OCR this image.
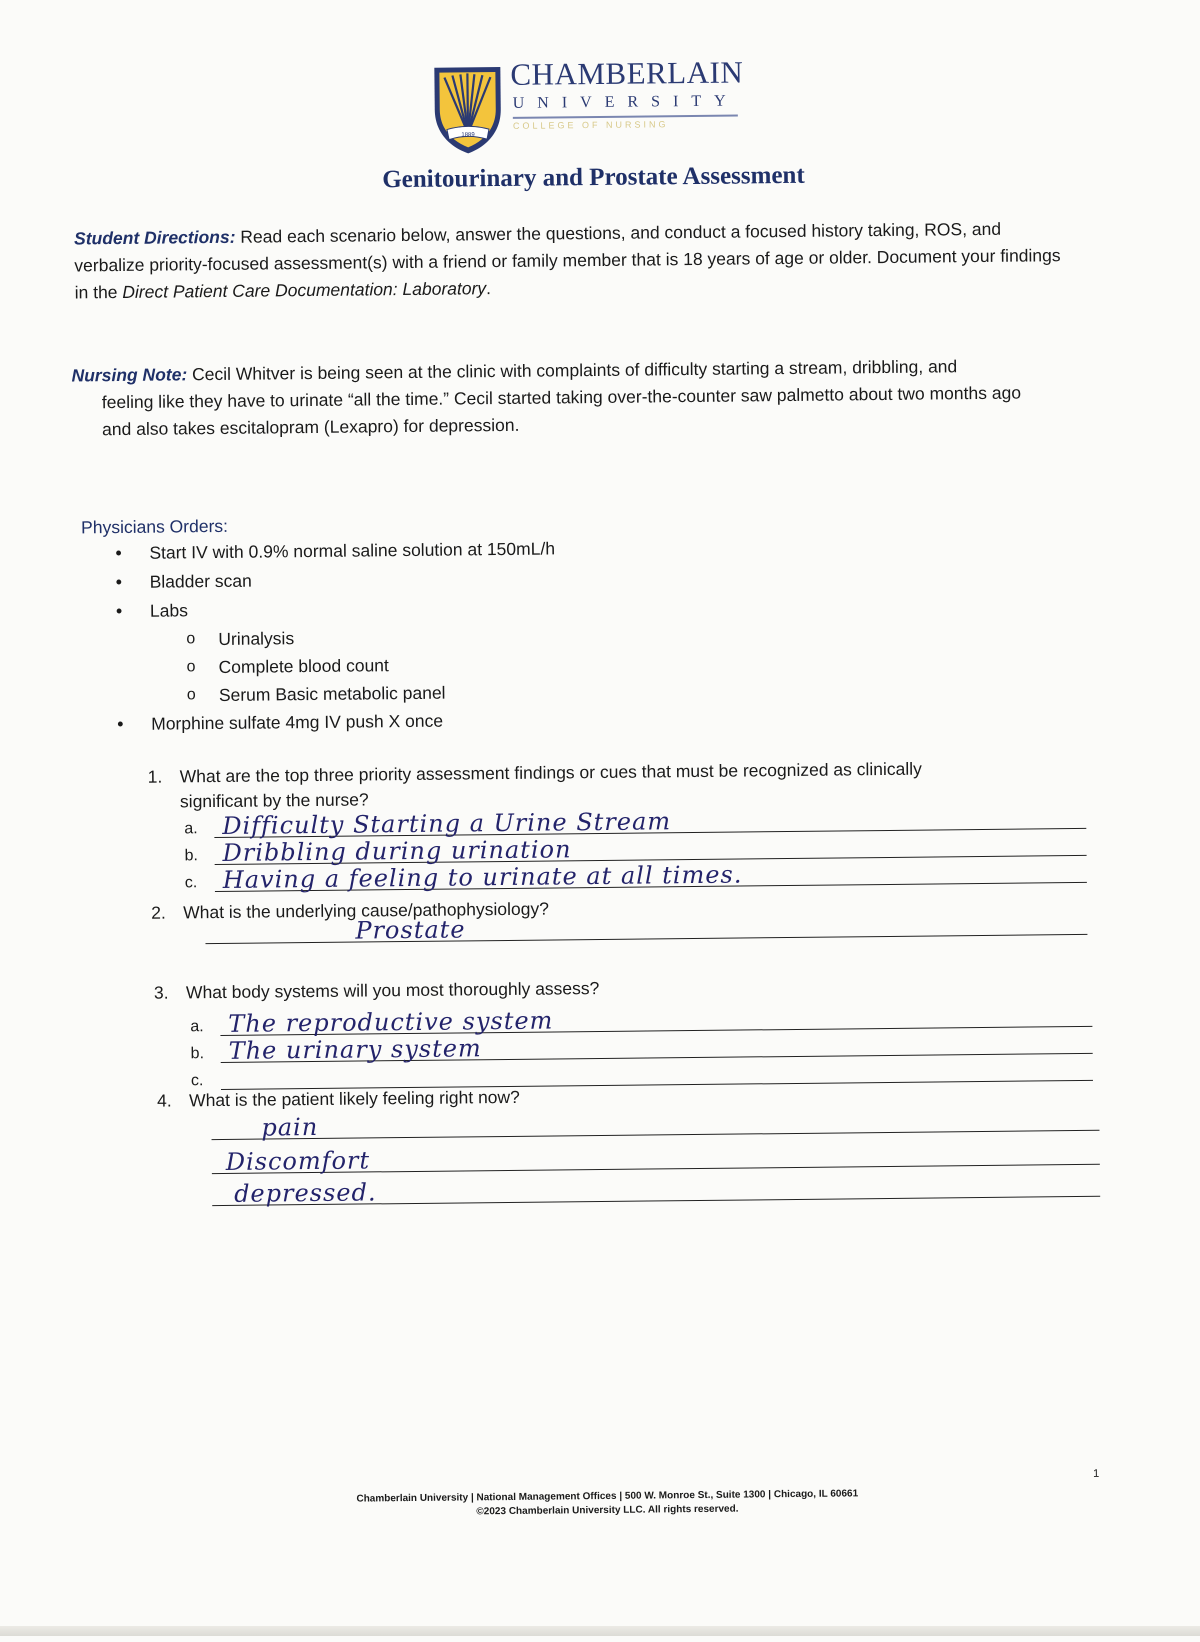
1889
CHAMBERLAIN
UNIVERSITY
COLLEGE OF NURSING
Genitourinary and Prostate Assessment
Student Directions: Read each scenario below, answer the questions, and conduct a focused history taking, ROS, and verbalize priority-focused assessment(s) with a friend or family member that is 18 years of age or older. Document your findings in the Direct Patient Care Documentation: Laboratory.
Nursing Note: Cecil Whitver is being seen at the clinic with complaints of difficulty starting a stream, dribbling, and
feeling like they have to urinate “all the time.” Cecil started taking over-the-counter saw palmetto about two months ago and also takes escitalopram (Lexapro) for depression.
Physicians Orders:
• Start IV with 0.9% normal saline solution at 150mL/h
• Bladder scan
• Labs
o Urinalysis
o Complete blood count
o Serum Basic metabolic panel
• Morphine sulfate 4mg IV push X once
1. What are the top three priority assessment findings or cues that must be recognized as clinically significant by the nurse?
a. Difficulty Starting a Urine Stream
b. Dribbling during urination
c. Having a feeling to urinate at all times.
2. What is the underlying cause/pathophysiology?
Prostate
3. What body systems will you most thoroughly assess?
a. The reproductive system
b. The urinary system
c.
4. What is the patient likely feeling right now?
pain
Discomfort
depressed.
1
Chamberlain University | National Management Offices | 500 W. Monroe St., Suite 1300 | Chicago, IL 60661
©2023 Chamberlain University LLC. All rights reserved.
